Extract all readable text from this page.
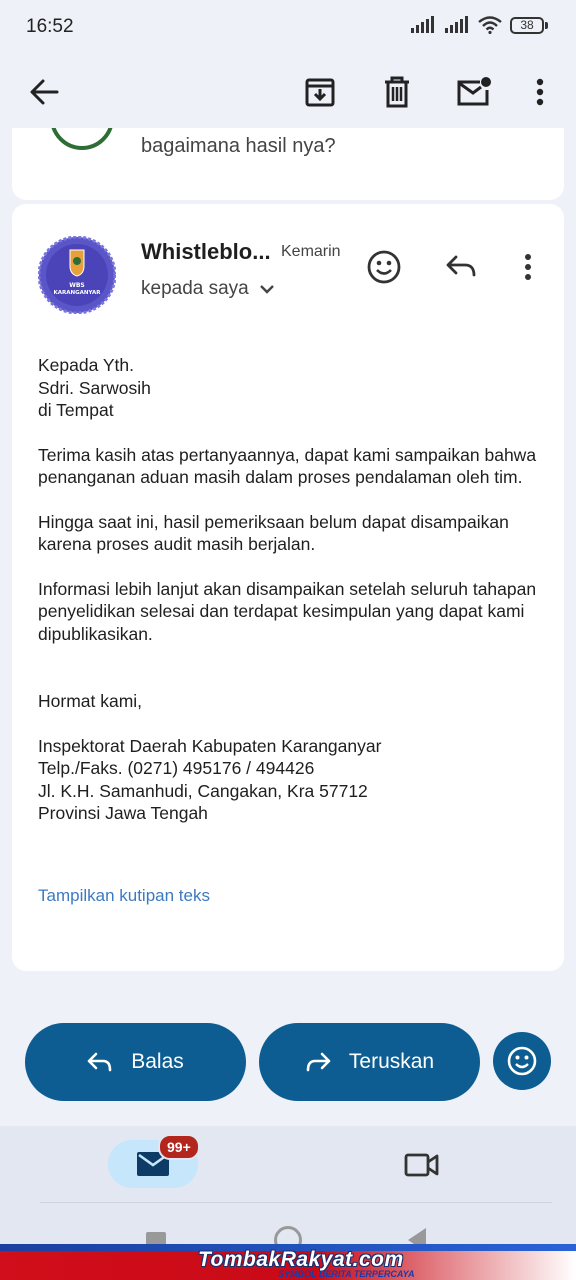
16:52	38
bagaimana hasil nya?
WBS
KARANGANYAR
Whistleblo... Kemarin
kepada saya

Kepada Yth.

Sdri. Sarwosih

di Tempat

Terima kasih atas pertanyaannya, dapat kami sampaikan bahwa penanganan aduan masih dalam proses pendalaman oleh tim.

Hingga saat ini, hasil pemeriksaan belum dapat disampaikan karena proses audit masih berjalan.

Informasi lebih lanjut akan disampaikan setelah seluruh tahapan penyelidikan selesai dan terdapat kesimpulan yang dapat kami dipublikasikan.

Hormat kami,

Inspektorat Daerah Kabupaten Karanganyar

Telp./Faks. (0271) 495176 / 494426

Jl. K.H. Samanhudi, Cangakan, Kra 57712

Provinsi Jawa Tengah

Tampilkan kutipan teks
Balas	Teruskan
99+
TombakRakyat.com
SYMBOL BERITA TERPERCAYA
